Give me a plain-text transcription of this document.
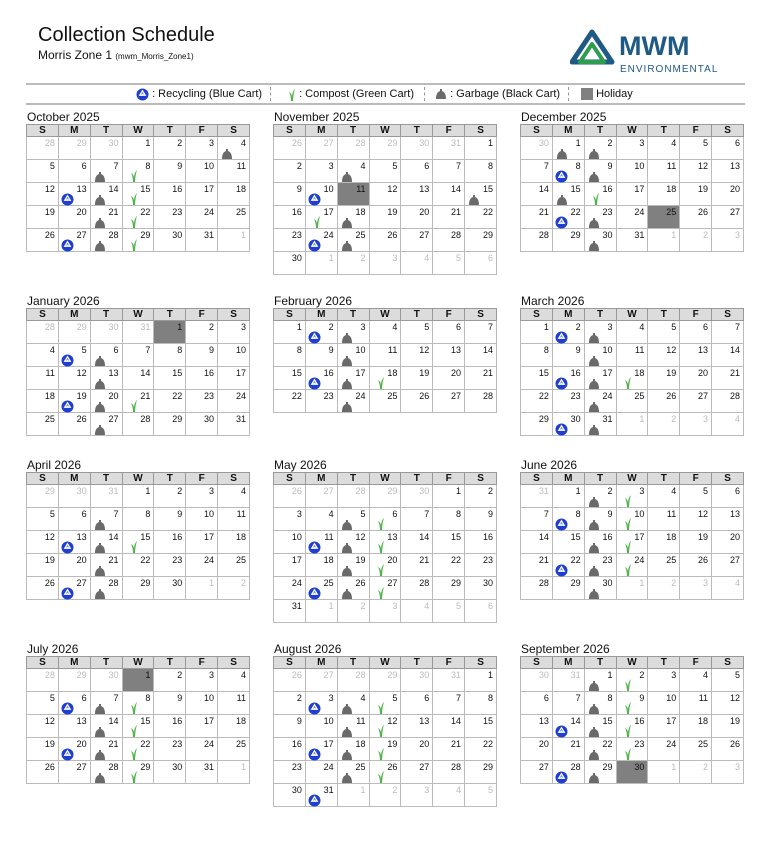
Collection Schedule
Morris Zone 1 (mwm_Morris_Zone1)	MWM
ENVIRONMENTAL
: Recycling (Blue Cart)	: Compost (Green Cart)	: Garbage (Black Cart)	Holiday
October 2025
S	M	T	W	T	F	S

28	29	30	1	2	3	4

5	6	7	8	9	10	11

12	13	14	15	16	17	18

19	20	21	22	23	24	25

26	27	28	29	30	31	1
November 2025
S	M	T	W	T	F	S

26	27	28	29	30	31	1

2	3	4	5	6	7	8

9	10	11	12	13	14	15

16	17	18	19	20	21	22

23	24	25	26	27	28	29

30	1	2	3	4	5	6
December 2025
S	M	T	W	T	F	S

30	1	2	3	4	5	6

7	8	9	10	11	12	13

14	15	16	17	18	19	20

21	22	23	24	25	26	27

28	29	30	31	1	2	3
January 2026
S	M	T	W	T	F	S

28	29	30	31	1	2	3

4	5	6	7	8	9	10

11	12	13	14	15	16	17

18	19	20	21	22	23	24

25	26	27	28	29	30	31
February 2026
S	M	T	W	T	F	S

1	2	3	4	5	6	7

8	9	10	11	12	13	14

15	16	17	18	19	20	21

22	23	24	25	26	27	28
March 2026
S	M	T	W	T	F	S

1	2	3	4	5	6	7

8	9	10	11	12	13	14

15	16	17	18	19	20	21

22	23	24	25	26	27	28

29	30	31	1	2	3	4
April 2026
S	M	T	W	T	F	S

29	30	31	1	2	3	4

5	6	7	8	9	10	11

12	13	14	15	16	17	18

19	20	21	22	23	24	25

26	27	28	29	30	1	2
May 2026
S	M	T	W	T	F	S

26	27	28	29	30	1	2

3	4	5	6	7	8	9

10	11	12	13	14	15	16

17	18	19	20	21	22	23

24	25	26	27	28	29	30

31	1	2	3	4	5	6
June 2026
S	M	T	W	T	F	S

31	1	2	3	4	5	6

7	8	9	10	11	12	13

14	15	16	17	18	19	20

21	22	23	24	25	26	27

28	29	30	1	2	3	4
July 2026
S	M	T	W	T	F	S

28	29	30	1	2	3	4

5	6	7	8	9	10	11

12	13	14	15	16	17	18

19	20	21	22	23	24	25

26	27	28	29	30	31	1
August 2026
S	M	T	W	T	F	S

26	27	28	29	30	31	1

2	3	4	5	6	7	8

9	10	11	12	13	14	15

16	17	18	19	20	21	22

23	24	25	26	27	28	29

30	31	1	2	3	4	5
September 2026
S	M	T	W	T	F	S

30	31	1	2	3	4	5

6	7	8	9	10	11	12

13	14	15	16	17	18	19

20	21	22	23	24	25	26

27	28	29	30	1	2	3
